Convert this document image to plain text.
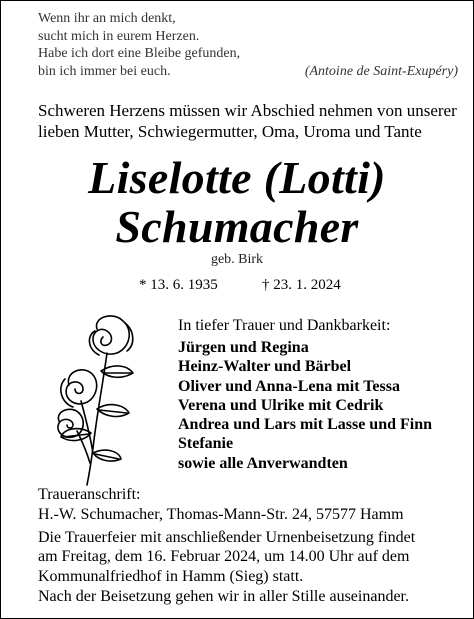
Wenn ihr an mich denkt,
sucht mich in eurem Herzen.
Habe ich dort eine Bleibe gefunden,
bin ich immer bei euch.	(Antoine de Saint-Exupéry)
Schweren Herzens müssen wir Abschied nehmen von unserer
lieben Mutter, Schwiegermutter, Oma, Uroma und Tante
Liselotte (Lotti)
Schumacher
geb. Birk
* 13. 6. 1935	† 23. 1. 2024
In tiefer Trauer und Dankbarkeit:
Jürgen und Regina
Heinz-Walter und Bärbel
Oliver und Anna-Lena mit Tessa
Verena und Ulrike mit Cedrik
Andrea und Lars mit Lasse und Finn
Stefanie
sowie alle Anverwandten
Traueranschrift:
H.-W. Schumacher, Thomas-Mann-Str. 24, 57577 Hamm
Die Trauerfeier mit anschließender Urnenbeisetzung findet
am Freitag, dem 16. Februar 2024, um 14.00 Uhr auf dem
Kommunalfriedhof in Hamm (Sieg) statt.
Nach der Beisetzung gehen wir in aller Stille auseinander.
